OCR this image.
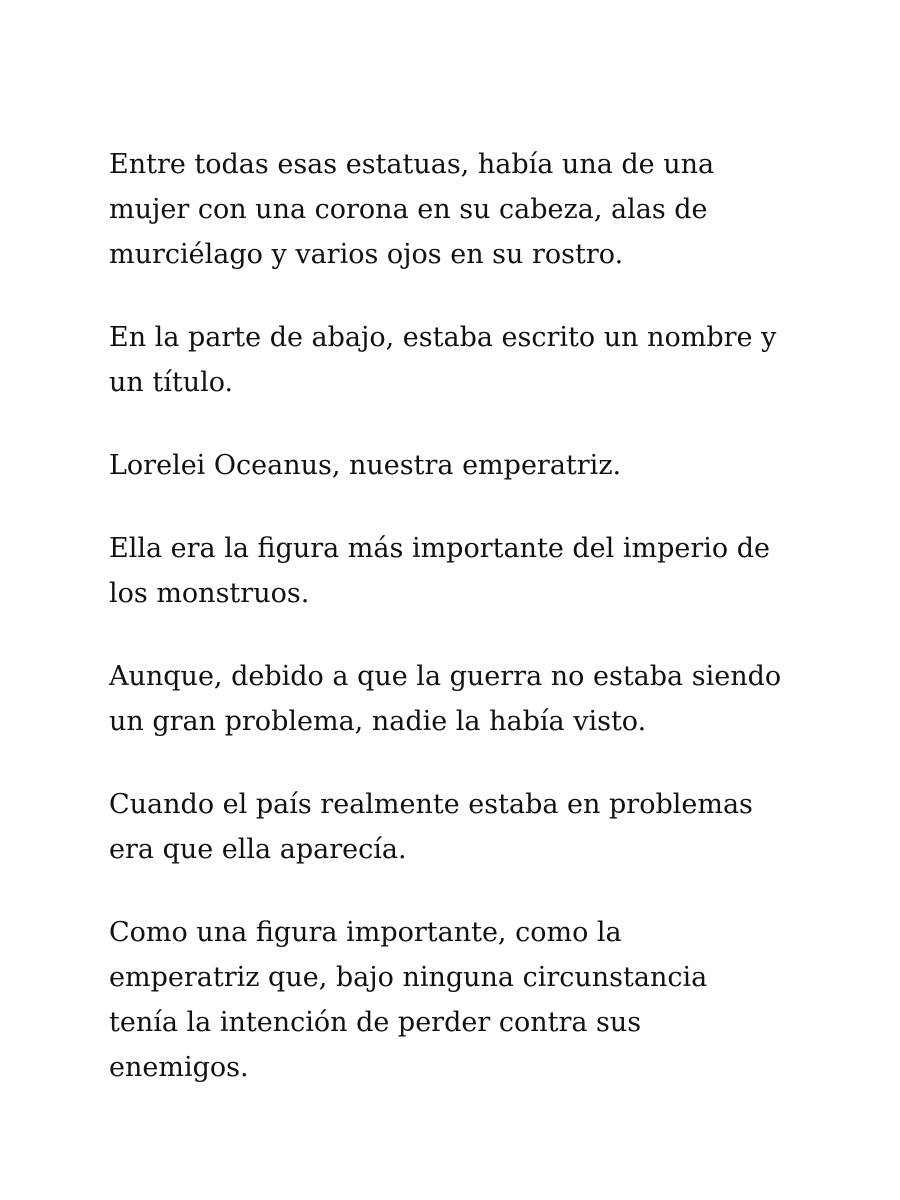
Entre todas esas estatuas, había una de una
mujer con una corona en su cabeza, alas de
murciélago y varios ojos en su rostro.

En la parte de abajo, estaba escrito un nombre y
un título.

Lorelei Oceanus, nuestra emperatriz.

Ella era la figura más importante del imperio de
los monstruos.

Aunque, debido a que la guerra no estaba siendo
un gran problema, nadie la había visto.

Cuando el país realmente estaba en problemas
era que ella aparecía.

Como una figura importante, como la
emperatriz que, bajo ninguna circunstancia
tenía la intención de perder contra sus
enemigos.
